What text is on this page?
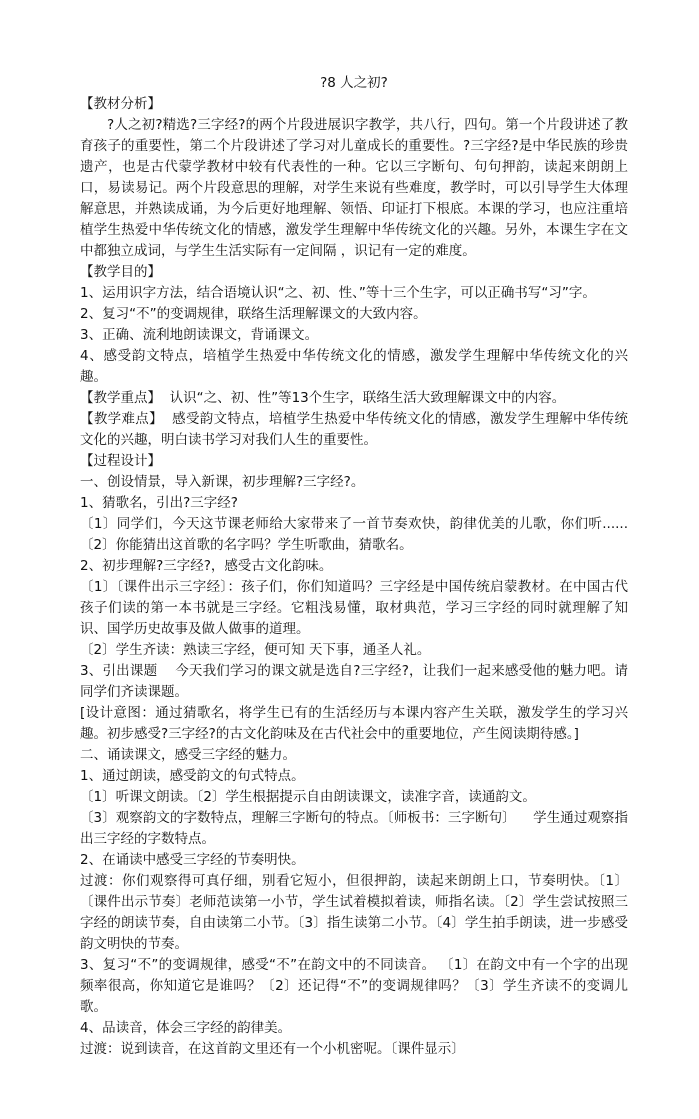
?8 人之初?
【教材分析】
?人之初?精选?三字经?的两个片段进展识字教学，共八行，四句。第一个片段讲述了教育孩子的重要性，第二个片段讲述了学习对儿童成长的重要性。?三字经?是中华民族的珍贵遗产，也是古代蒙学教材中较有代表性的一种。它以三字断句、句句押韵，读起来朗朗上口，易读易记。两个片段意思的理解，对学生来说有些难度，教学时，可以引导学生大体理解意思，并熟读成诵，为今后更好地理解、领悟、印证打下根底。本课的学习，也应注重培植学生热爱中华传统文化的情感，激发学生理解中华传统文化的兴趣。另外，本课生字在文中都独立成词，与学生生活实际有一定间隔 ，识记有一定的难度。
【教学目的】
1、运用识字方法，结合语境认识“之、初、性、”等十三个生字，可以正确书写“习”字。
2、复习“不”的变调规律，联络生活理解课文的大致内容。
3、正确、流利地朗读课文，背诵课文。
4、感受韵文特点，培植学生热爱中华传统文化的情感，激发学生理解中华传统文化的兴趣。
【教学重点】  认识“之、初、性”等13个生字，联络生活大致理解课文中的内容。
【教学难点】  感受韵文特点，培植学生热爱中华传统文化的情感，激发学生理解中华传统文化的兴趣，明白读书学习对我们人生的重要性。
【过程设计】
一、创设情景，导入新课，初步理解?三字经?。
1、猜歌名，引出?三字经?
〔1〕同学们，今天这节课老师给大家带来了一首节奏欢快，韵律优美的儿歌，你们听......〔2〕你能猜出这首歌的名字吗？学生听歌曲，猜歌名。
2、初步理解?三字经?，感受古文化韵味。
〔1〕〔课件出示三字经〕：孩子们，你们知道吗？三字经是中国传统启蒙教材。在中国古代孩子们读的第一本书就是三字经。它粗浅易懂，取材典范，学习三字经的同时就理解了知识、国学历史故事及做人做事的道理。
〔2〕学生齐读：熟读三字经，便可知 天下事，通圣人礼。
3、引出课题    今天我们学习的课文就是选自?三字经?，让我们一起来感受他的魅力吧。请同学们齐读课题。
[设计意图：通过猜歌名，将学生已有的生活经历与本课内容产生关联，激发学生的学习兴趣。初步感受?三字经?的古文化韵味及在古代社会中的重要地位，产生阅读期待感。]
二、诵读课文，感受三字经的魅力。
1、通过朗读，感受韵文的句式特点。
〔1〕听课文朗读。〔2〕学生根据提示自由朗读课文，读准字音，读通韵文。
〔3〕观察韵文的字数特点，理解三字断句的特点。〔师板书：三字断句〕    学生通过观察指出三字经的字数特点。
2、在诵读中感受三字经的节奏明快。
过渡：你们观察得可真仔细，别看它短小，但很押韵，读起来朗朗上口，节奏明快。〔1〕〔课件出示节奏〕老师范读第一小节，学生试着模拟着读，师指名读。〔2〕学生尝试按照三字经的朗读节奏，自由读第二小节。〔3〕指生读第二小节。〔4〕学生拍手朗读，进一步感受韵文明快的节奏。
3、复习“不”的变调规律，感受“不”在韵文中的不同读音。 〔1〕在韵文中有一个字的出现频率很高，你知道它是谁吗？〔2〕还记得“不”的变调规律吗？〔3〕学生齐读不的变调儿歌。
4、品读音，体会三字经的韵律美。
过渡：说到读音，在这首韵文里还有一个小机密呢。〔课件显示〕
